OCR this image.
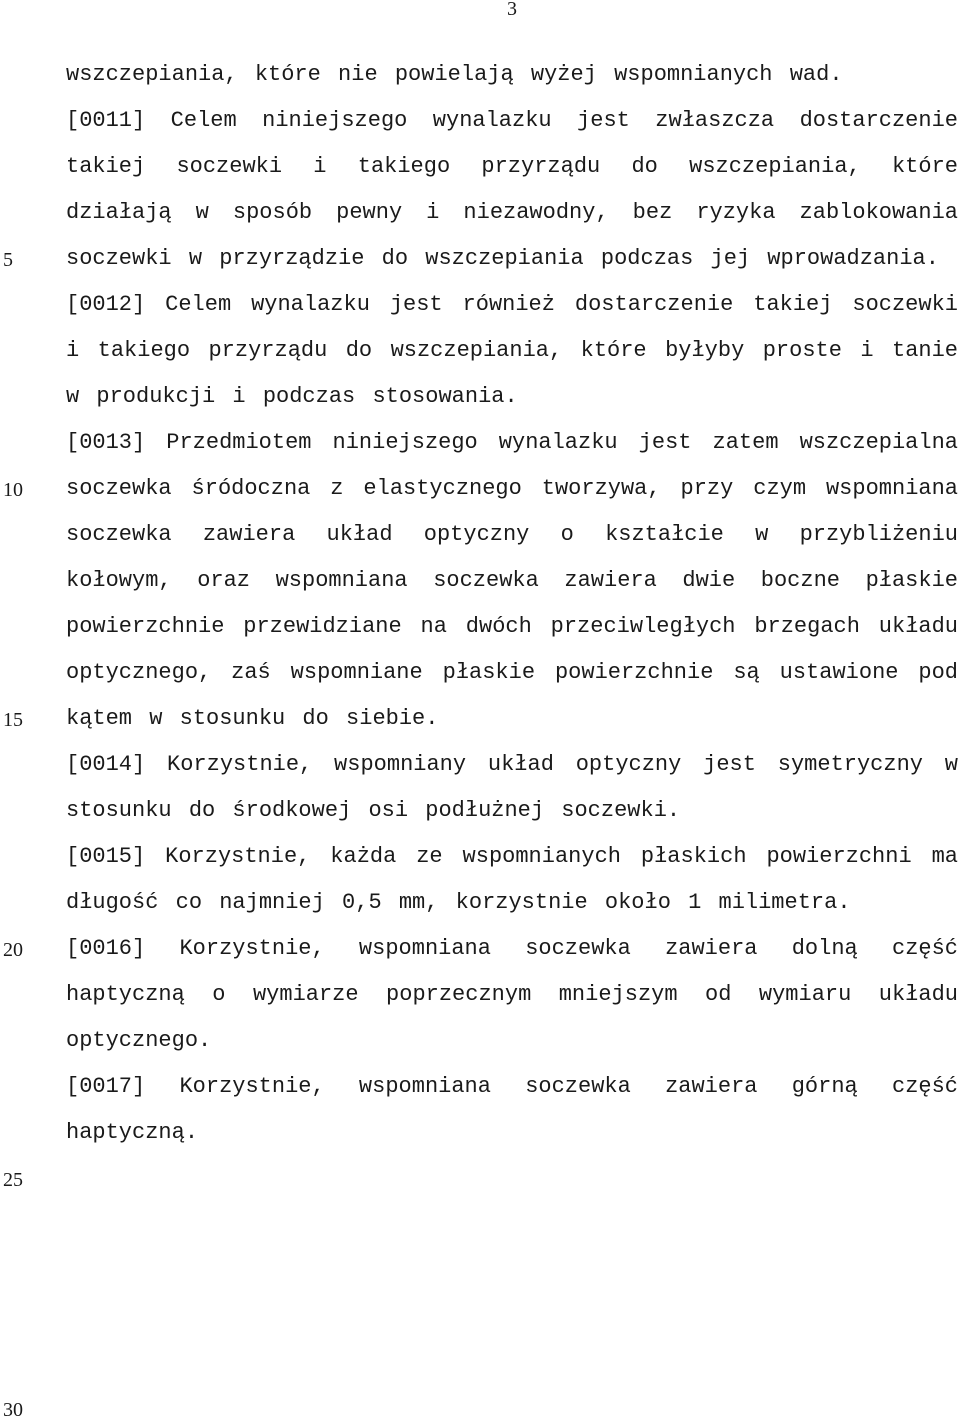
3
5
10
15
20
25
30

wszczepiania, które nie powielają wyżej wspomnianych wad.

[0011] Celem niniejszego wynalazku jest zwłaszcza dostarczenie takiej soczewki i takiego przyrządu do wszczepiania, które działają w sposób pewny i niezawodny, bez ryzyka zablokowania soczewki w przyrządzie do wszczepiania podczas jej wprowadzania.

[0012] Celem wynalazku jest również dostarczenie takiej soczewki i takiego przyrządu do wszczepiania, które byłyby proste i tanie w produkcji i podczas stosowania.

[0013] Przedmiotem niniejszego wynalazku jest zatem wszczepialna soczewka śródoczna z elastycznego tworzywa, przy czym wspomniana soczewka zawiera układ optyczny o kształcie w przybliżeniu kołowym, oraz wspomniana soczewka zawiera dwie boczne płaskie powierzchnie przewidziane na dwóch przeciwległych brzegach układu optycznego, zaś wspomniane płaskie powierzchnie są ustawione pod kątem w stosunku do siebie.

[0014] Korzystnie, wspomniany układ optyczny jest symetryczny w stosunku do środkowej osi podłużnej soczewki.

[0015] Korzystnie, każda ze wspomnianych płaskich powierzchni ma długość co najmniej 0,5 mm, korzystnie około 1 milimetra.

[0016] Korzystnie, wspomniana soczewka zawiera dolną część haptyczną o wymiarze poprzecznym mniejszym od wymiaru układu optycznego.

[0017] Korzystnie, wspomniana soczewka zawiera górną część haptyczną.
